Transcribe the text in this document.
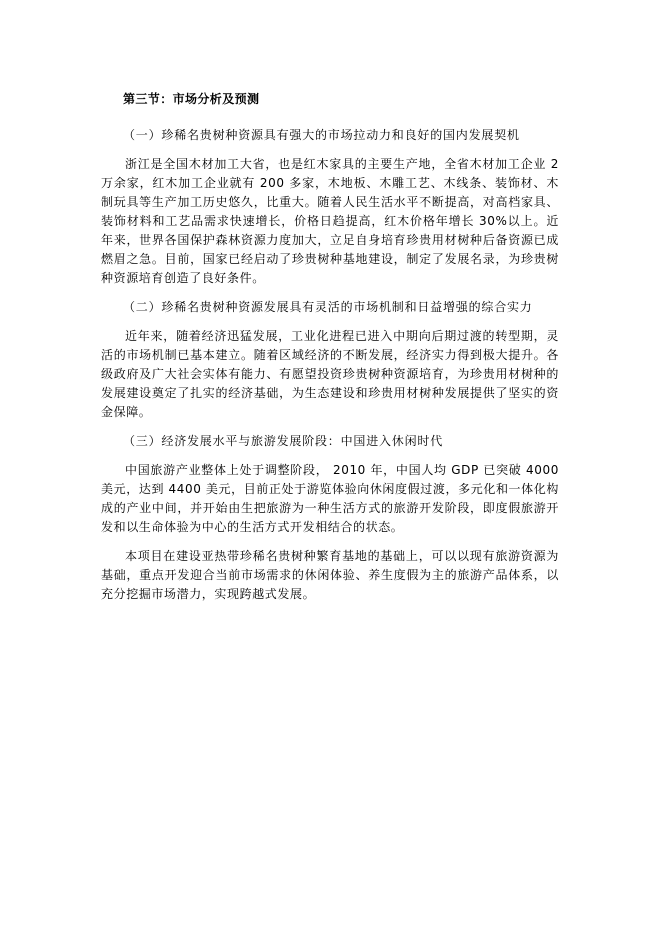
第三节：市场分析及预测

（一）珍稀名贵树种资源具有强大的市场拉动力和良好的国内发展契机

浙江是全国木材加工大省，也是红木家具的主要生产地，全省木材加工企业 2万余家，红木加工企业就有 200 多家，木地板、木雕工艺、木线条、装饰材、木制玩具等生产加工历史悠久，比重大。随着人民生活水平不断提高，对高档家具、装饰材料和工艺品需求快速增长，价格日趋提高，红木价格年增长 30%以上。近年来，世界各国保护森林资源力度加大，立足自身培育珍贵用材树种后备资源已成燃眉之急。目前，国家已经启动了珍贵树种基地建设，制定了发展名录，为珍贵树种资源培育创造了良好条件。

（二）珍稀名贵树种资源发展具有灵活的市场机制和日益增强的综合实力

近年来，随着经济迅猛发展，工业化进程已进入中期向后期过渡的转型期，灵活的市场机制已基本建立。随着区域经济的不断发展，经济实力得到极大提升。各级政府及广大社会实体有能力、有愿望投资珍贵树种资源培育，为珍贵用材树种的发展建设奠定了扎实的经济基础，为生态建设和珍贵用材树种发展提供了坚实的资金保障。

（三）经济发展水平与旅游发展阶段：中国进入休闲时代

中国旅游产业整体上处于调整阶段， 2010 年，中国人均 GDP 已突破 4000 美元，达到 4400 美元，目前正处于游览体验向休闲度假过渡，多元化和一体化构成的产业中间，并开始由生把旅游为一种生活方式的旅游开发阶段，即度假旅游开发和以生命体验为中心的生活方式开发相结合的状态。

本项目在建设亚热带珍稀名贵树种繁育基地的基础上，可以以现有旅游资源为基础，重点开发迎合当前市场需求的休闲体验、养生度假为主的旅游产品体系，以充分挖掘市场潜力，实现跨越式发展。
